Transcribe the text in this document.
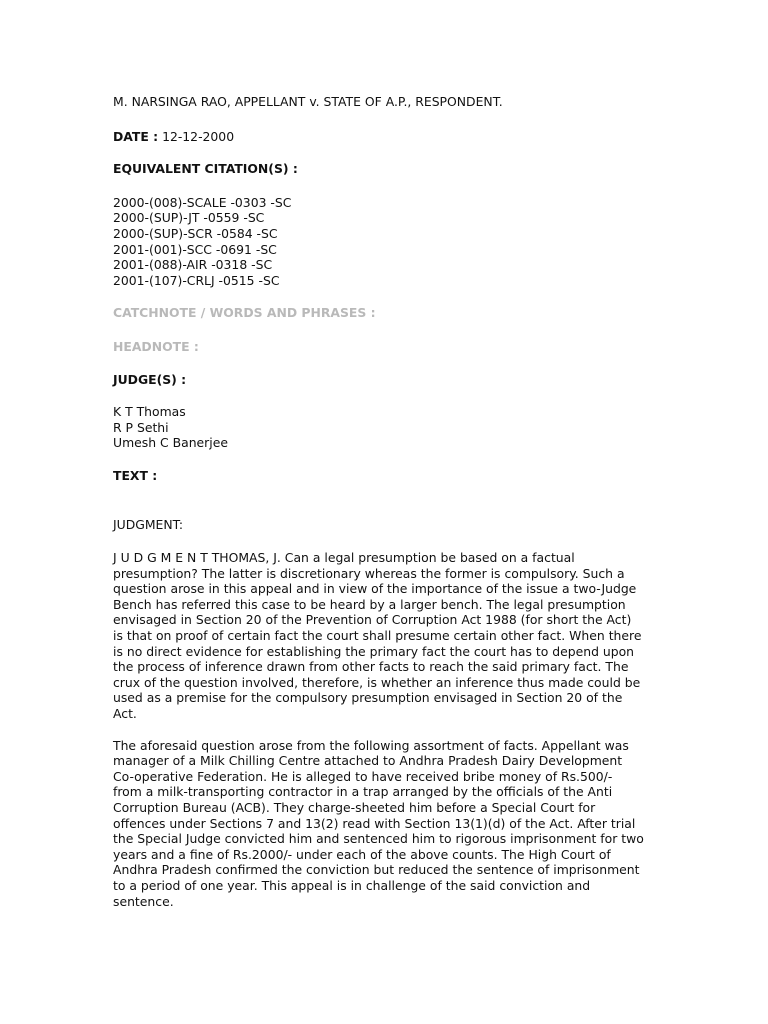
M. NARSINGA RAO, APPELLANT v. STATE OF A.P., RESPONDENT.
DATE : 12-12-2000
EQUIVALENT CITATION(S) :
2000-(008)-SCALE -0303 -SC
2000-(SUP)-JT -0559 -SC
2000-(SUP)-SCR -0584 -SC
2001-(001)-SCC -0691 -SC
2001-(088)-AIR -0318 -SC
2001-(107)-CRLJ -0515 -SC
CATCHNOTE / WORDS AND PHRASES :
HEADNOTE :
JUDGE(S) :
K T Thomas
R P Sethi
Umesh C Banerjee
TEXT :
JUDGMENT:
J U D G M E N T THOMAS, J. Can a legal presumption be based on a factual
presumption? The latter is discretionary whereas the former is compulsory. Such a
question arose in this appeal and in view of the importance of the issue a two-Judge
Bench has referred this case to be heard by a larger bench. The legal presumption
envisaged in Section 20 of the Prevention of Corruption Act 1988 (for short the Act)
is that on proof of certain fact the court shall presume certain other fact. When there
is no direct evidence for establishing the primary fact the court has to depend upon
the process of inference drawn from other facts to reach the said primary fact. The
crux of the question involved, therefore, is whether an inference thus made could be
used as a premise for the compulsory presumption envisaged in Section 20 of the
Act.
The aforesaid question arose from the following assortment of facts. Appellant was
manager of a Milk Chilling Centre attached to Andhra Pradesh Dairy Development
Co-operative Federation. He is alleged to have received bribe money of Rs.500/-
from a milk-transporting contractor in a trap arranged by the officials of the Anti
Corruption Bureau (ACB). They charge-sheeted him before a Special Court for
offences under Sections 7 and 13(2) read with Section 13(1)(d) of the Act. After trial
the Special Judge convicted him and sentenced him to rigorous imprisonment for two
years and a fine of Rs.2000/- under each of the above counts. The High Court of
Andhra Pradesh confirmed the conviction but reduced the sentence of imprisonment
to a period of one year. This appeal is in challenge of the said conviction and
sentence.
